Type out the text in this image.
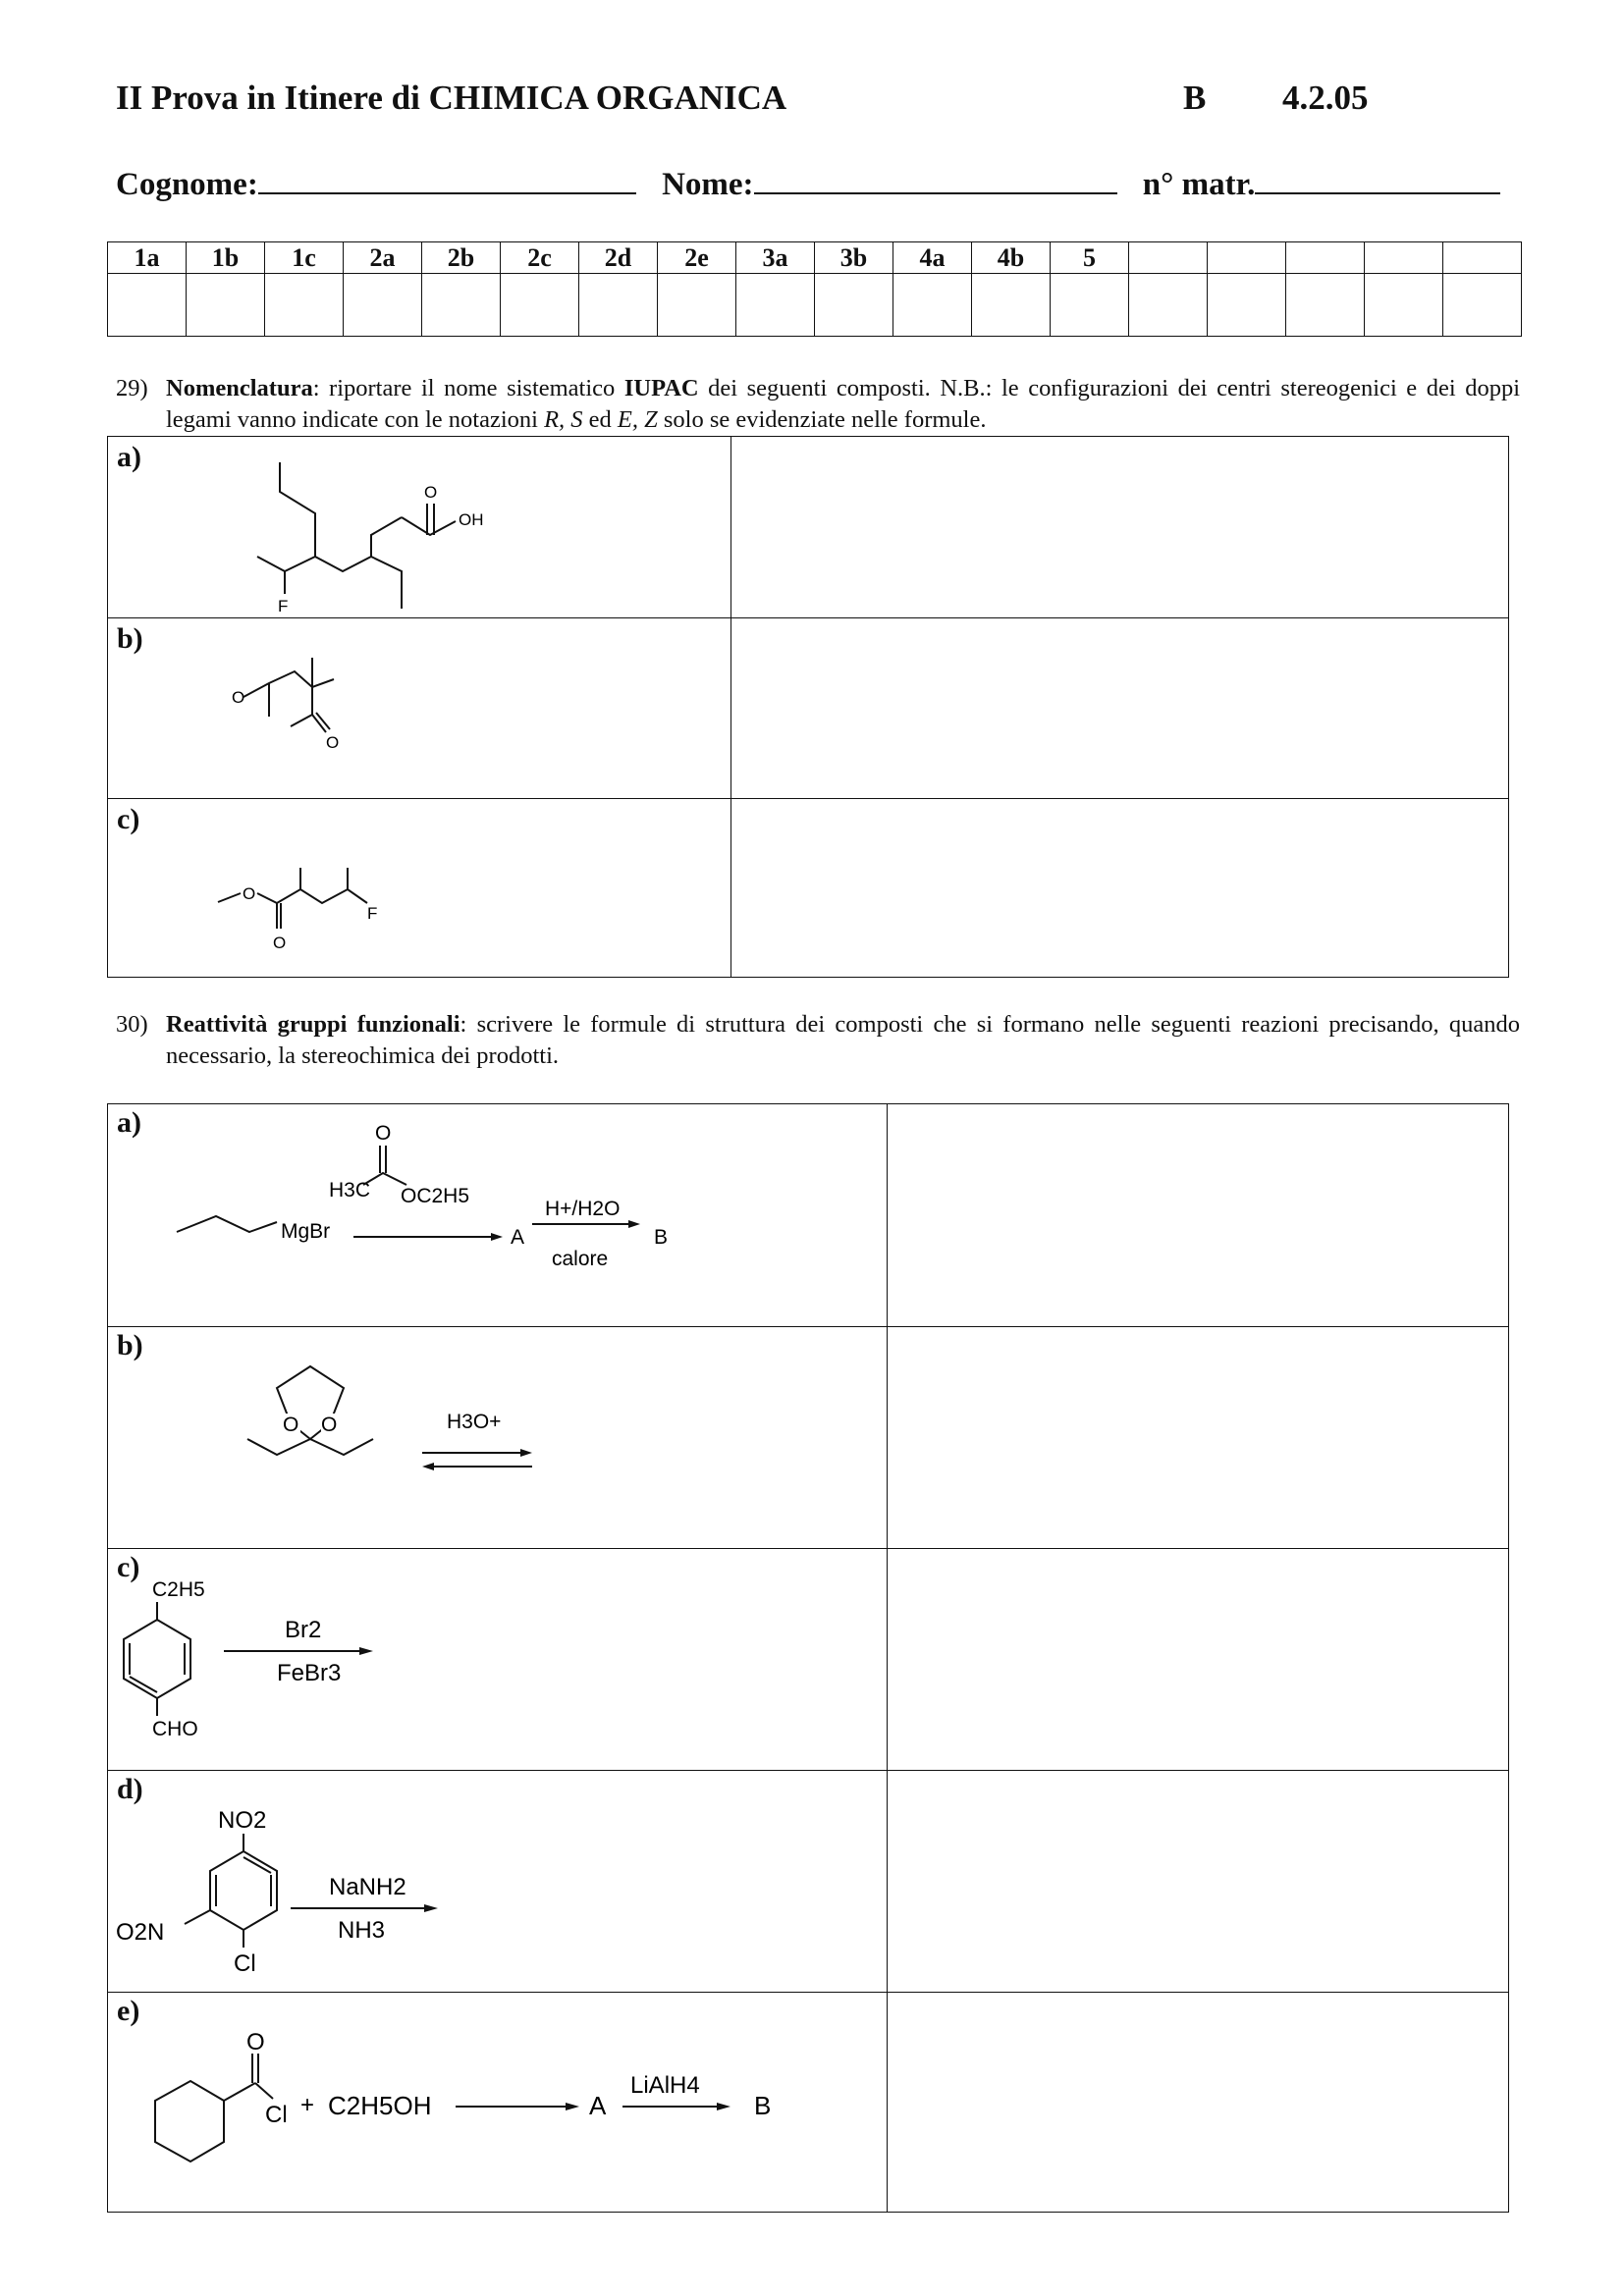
II Prova in Itinere di CHIMICA ORGANICA	B 4.2.05
Cognome:	Nome:	n° matr.
1a	1b	1c	2a	2b	2c	2d	2e	3a	3b	4a	4b	5					

29) Nomenclatura: riportare il nome sistematico IUPAC dei seguenti composti. N.B.: le configurazioni dei centri stereogenici e dei doppi legami vanno indicate con le notazioni R, S ed E, Z solo se evidenziate nelle formule.
a)
O
OH
F
b)
O
O
c)
O
O
F
30) Reattività gruppi funzionali: scrivere le formule di struttura dei composti che si formano nelle seguenti reazioni precisando, quando necessario, la stereochimica dei prodotti.
a)
MgBr
H3C
O
OC2H5
A
H+/H2O
calore
B
b)
O O	H3O+
c)
C2H5
CHO
Br2
FeBr3
d)
NO2
O2N
Cl
NaNH2
NH3
e)
O
Cl + C2H5OH	A
LiAlH4
B
